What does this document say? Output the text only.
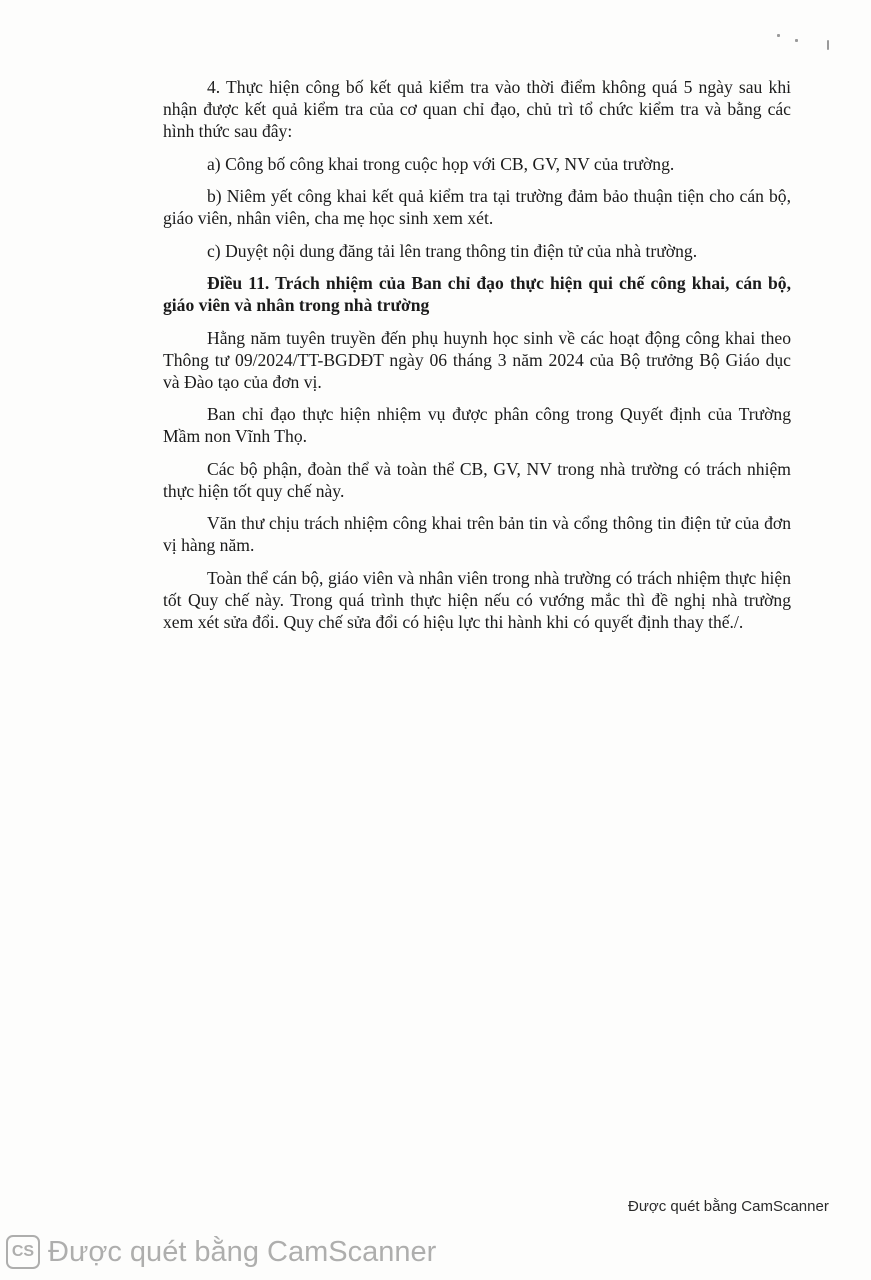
4. Thực hiện công bố kết quả kiểm tra vào thời điểm không quá 5 ngày sau khi nhận được kết quả kiểm tra của cơ quan chỉ đạo, chủ trì tổ chức kiểm tra và bằng các hình thức sau đây:

a) Công bố công khai trong cuộc họp với CB, GV, NV của trường.

b) Niêm yết công khai kết quả kiểm tra tại trường đảm bảo thuận tiện cho cán bộ, giáo viên, nhân viên, cha mẹ học sinh xem xét.

c) Duyệt nội dung đăng tải lên trang thông tin điện tử của nhà trường.

Điều 11. Trách nhiệm của Ban chỉ đạo thực hiện qui chế công khai, cán bộ, giáo viên và nhân trong nhà trường

Hằng năm tuyên truyền đến phụ huynh học sinh về các hoạt động công khai theo Thông tư 09/2024/TT-BGDĐT ngày 06 tháng 3 năm 2024 của Bộ trưởng Bộ Giáo dục và Đào tạo của đơn vị.

Ban chỉ đạo thực hiện nhiệm vụ được phân công trong Quyết định của Trường Mầm non Vĩnh Thọ.

Các bộ phận, đoàn thể và toàn thể CB, GV, NV trong nhà trường có trách nhiệm thực hiện tốt quy chế này.

Văn thư chịu trách nhiệm công khai trên bản tin và cổng thông tin điện tử của đơn vị hàng năm.

Toàn thể cán bộ, giáo viên và nhân viên trong nhà trường có trách nhiệm thực hiện tốt Quy chế này. Trong quá trình thực hiện nếu có vướng mắc thì đề nghị nhà trường xem xét sửa đổi. Quy chế sửa đổi có hiệu lực thi hành khi có quyết định thay thế./.

Được quét bằng CamScanner
CS Được quét bằng CamScanner
